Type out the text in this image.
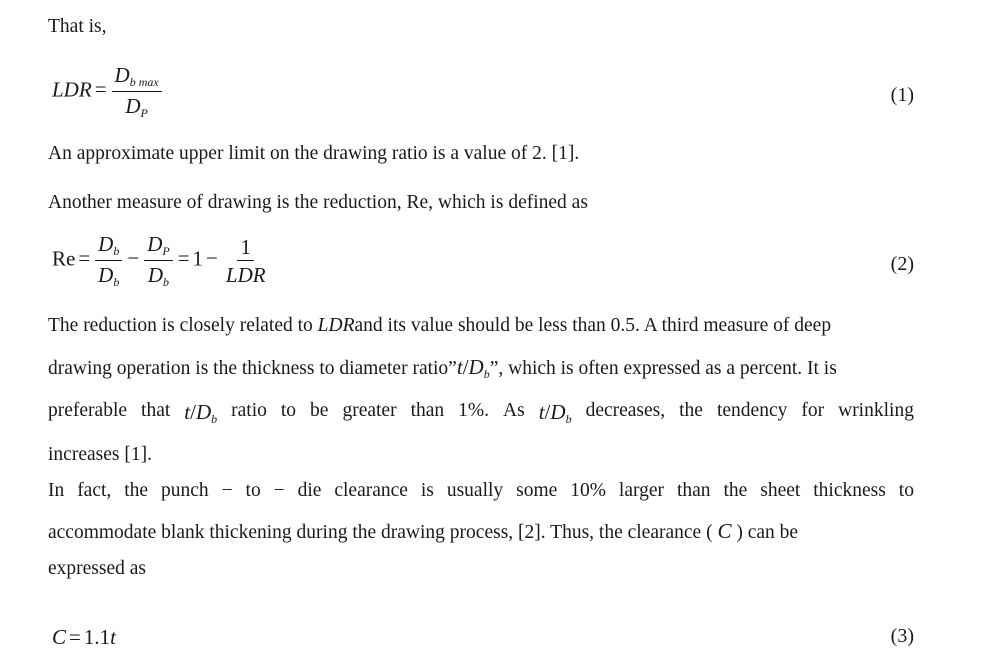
That is,
LDR = $\frac{D_{b max}}{D_P}$	(1)
An approximate upper limit on the drawing ratio is a value of 2. [1].
Another measure of drawing is the reduction, Re, which is defined as
$Re = \frac{D_b}{D_b} - \frac{D_P}{D_b} = 1 - \frac{1}{\text{LDR}}$	(2)
The reduction is closely related to LDRand its value should be less than 0.5. A third measure of deep
drawing operation is the thickness to diameter $ratio”t/D_b$”, which is often expressed as a percent. It is
preferable that $t/D_b$ ratio to be greater than 1%. As $t/D_b$ decreases, the tendency for wrinkling
increases [1].
In fact, the punch − to − die clearance is usually some 10% larger than the sheet thickness to
accommodate blank thickening during the drawing process, [2]. Thus, the clearance ( C ) can be
expressed as
C = 1.1t	(3)
